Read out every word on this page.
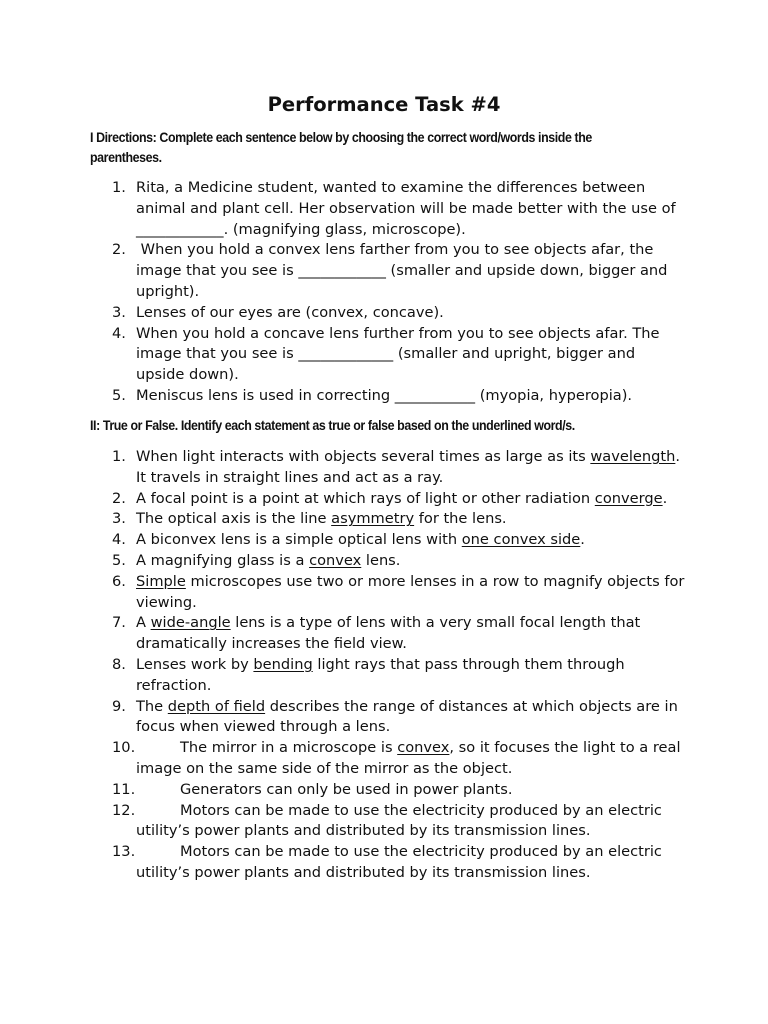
Performance Task #4
I Directions: Complete each sentence below by choosing the correct word/words inside the parentheses.
1. Rita, a Medicine student, wanted to examine the differences between animal and plant cell. Her observation will be made better with the use of ____________. (magnifying glass, microscope).
2. When you hold a convex lens farther from you to see objects afar, the image that you see is ____________ (smaller and upside down, bigger and upright).
3. Lenses of our eyes are (convex, concave).
4. When you hold a concave lens further from you to see objects afar. The image that you see is _____________ (smaller and upright, bigger and upside down).
5. Meniscus lens is used in correcting ___________ (myopia, hyperopia).
II: True or False. Identify each statement as true or false based on the underlined word/s.
1. When light interacts with objects several times as large as its wavelength. It travels in straight lines and act as a ray.
2. A focal point is a point at which rays of light or other radiation converge.
3. The optical axis is the line asymmetry for the lens.
4. A biconvex lens is a simple optical lens with one convex side.
5. A magnifying glass is a convex lens.
6. Simple microscopes use two or more lenses in a row to magnify objects for viewing.
7. A wide-angle lens is a type of lens with a very small focal length that dramatically increases the field view.
8. Lenses work by bending light rays that pass through them through refraction.
9. The depth of field describes the range of distances at which objects are in focus when viewed through a lens.
10.	The mirror in a microscope is convex, so it focuses the light to a real image on the same side of the mirror as the object.
11.	Generators can only be used in power plants.
12.	Motors can be made to use the electricity produced by an electric utility’s power plants and distributed by its transmission lines.
13.	Motors can be made to use the electricity produced by an electric utility’s power plants and distributed by its transmission lines.
